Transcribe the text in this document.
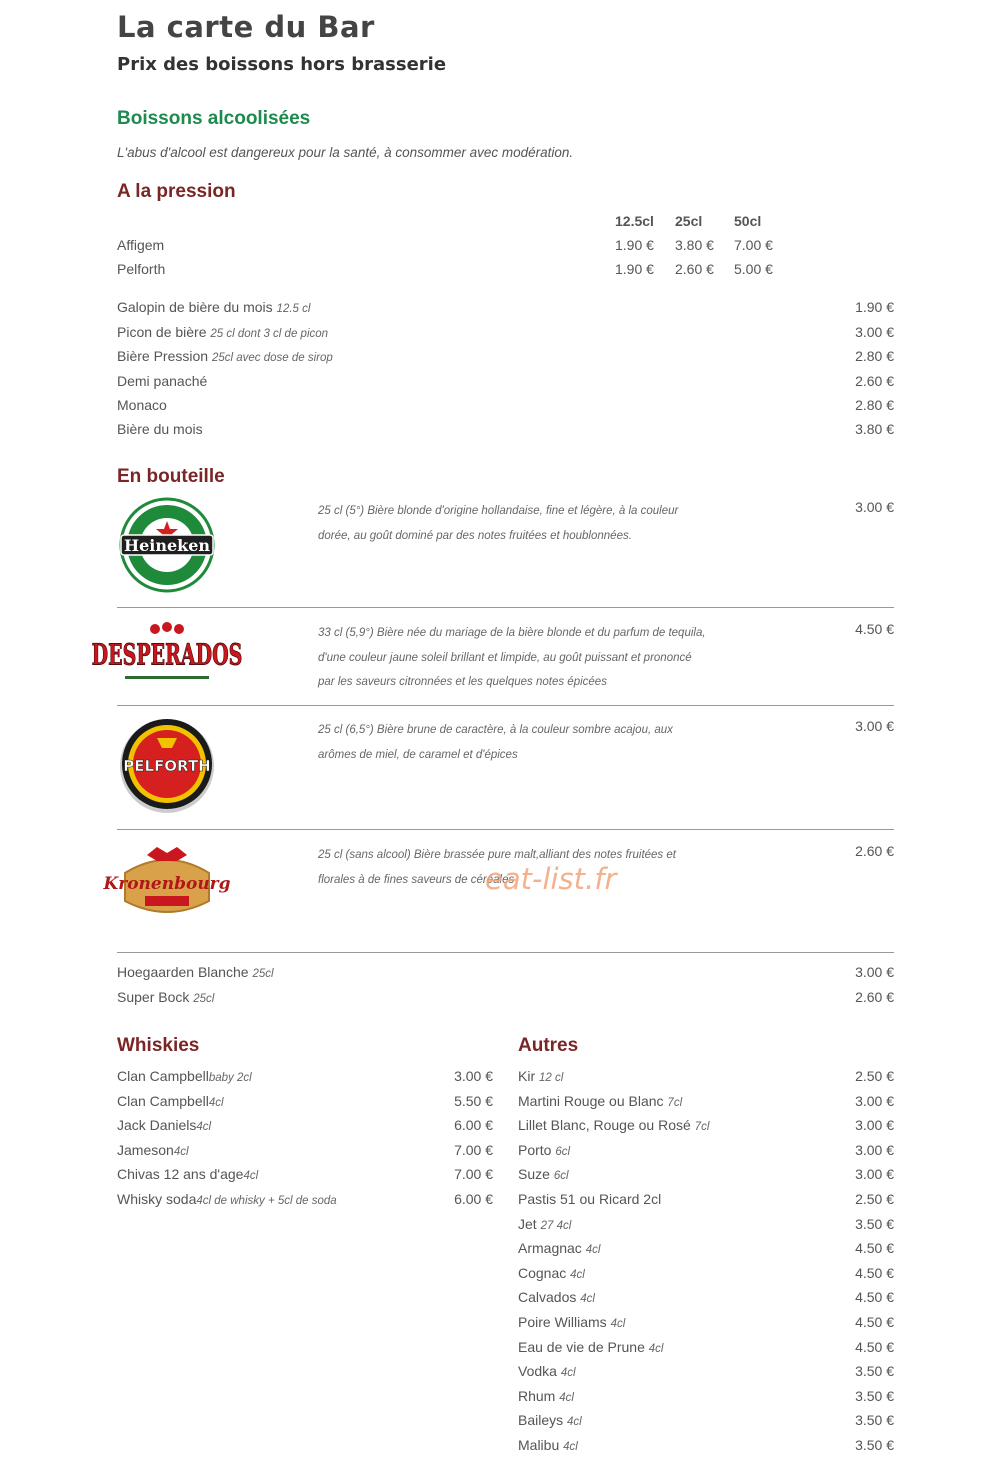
La carte du Bar
Prix des boissons hors brasserie
Boissons alcoolisées
L'abus d'alcool est dangereux pour la santé, à consommer avec modération.
A la pression
12.5cl 25cl 50cl
Affigem	1.90 € 3.80 € 7.00 €
Pelforth	1.90 € 2.60 € 5.00 €
Galopin de bière du mois 12.5 cl	1.90 €
Picon de bière 25 cl dont 3 cl de picon	3.00 €
Bière Pression 25cl avec dose de sirop	2.80 €
Demi panaché	2.60 €
Monaco	2.80 €
Bière du mois	3.80 €
En bouteille
Heineken
25 cl (5°) Bière blonde d'origine hollandaise, fine et légère, à la couleur dorée, au goût dominé par des notes fruitées et houblonnées.
3.00 €
DESPERADOS
33 cl (5,9°) Bière née du mariage de la bière blonde et du parfum de tequila, d'une couleur jaune soleil brillant et limpide, au goût puissant et prononcé par les saveurs citronnées et les quelques notes épicées
4.50 €
PELFORTH
25 cl (6,5°) Bière brune de caractère, à la couleur sombre acajou, aux arômes de miel, de caramel et d'épices
3.00 €
Kronenbourg
25 cl (sans alcool) Bière brassée pure malt,alliant des notes fruitées et florales à de fines saveurs de céréales
2.60 €
Hoegaarden Blanche 25cl	3.00 €
Super Bock 25cl	2.60 €
Whiskies
Clan Campbellbaby 2cl	3.00 €
Clan Campbell4cl	5.50 €
Jack Daniels4cl	6.00 €
Jameson4cl	7.00 €
Chivas 12 ans d'age4cl	7.00 €
Whisky soda4cl de whisky + 5cl de soda	6.00 €
Autres
Kir 12 cl	2.50 €
Martini Rouge ou Blanc 7cl	3.00 €
Lillet Blanc, Rouge ou Rosé 7cl	3.00 €
Porto 6cl	3.00 €
Suze 6cl	3.00 €
Pastis 51 ou Ricard 2cl	2.50 €
Jet 27 4cl	3.50 €
Armagnac 4cl	4.50 €
Cognac 4cl	4.50 €
Calvados 4cl	4.50 €
Poire Williams 4cl	4.50 €
Eau de vie de Prune 4cl	4.50 €
Vodka 4cl	3.50 €
Rhum 4cl	3.50 €
Baileys 4cl	3.50 €
Malibu 4cl	3.50 €
eat-list.fr
